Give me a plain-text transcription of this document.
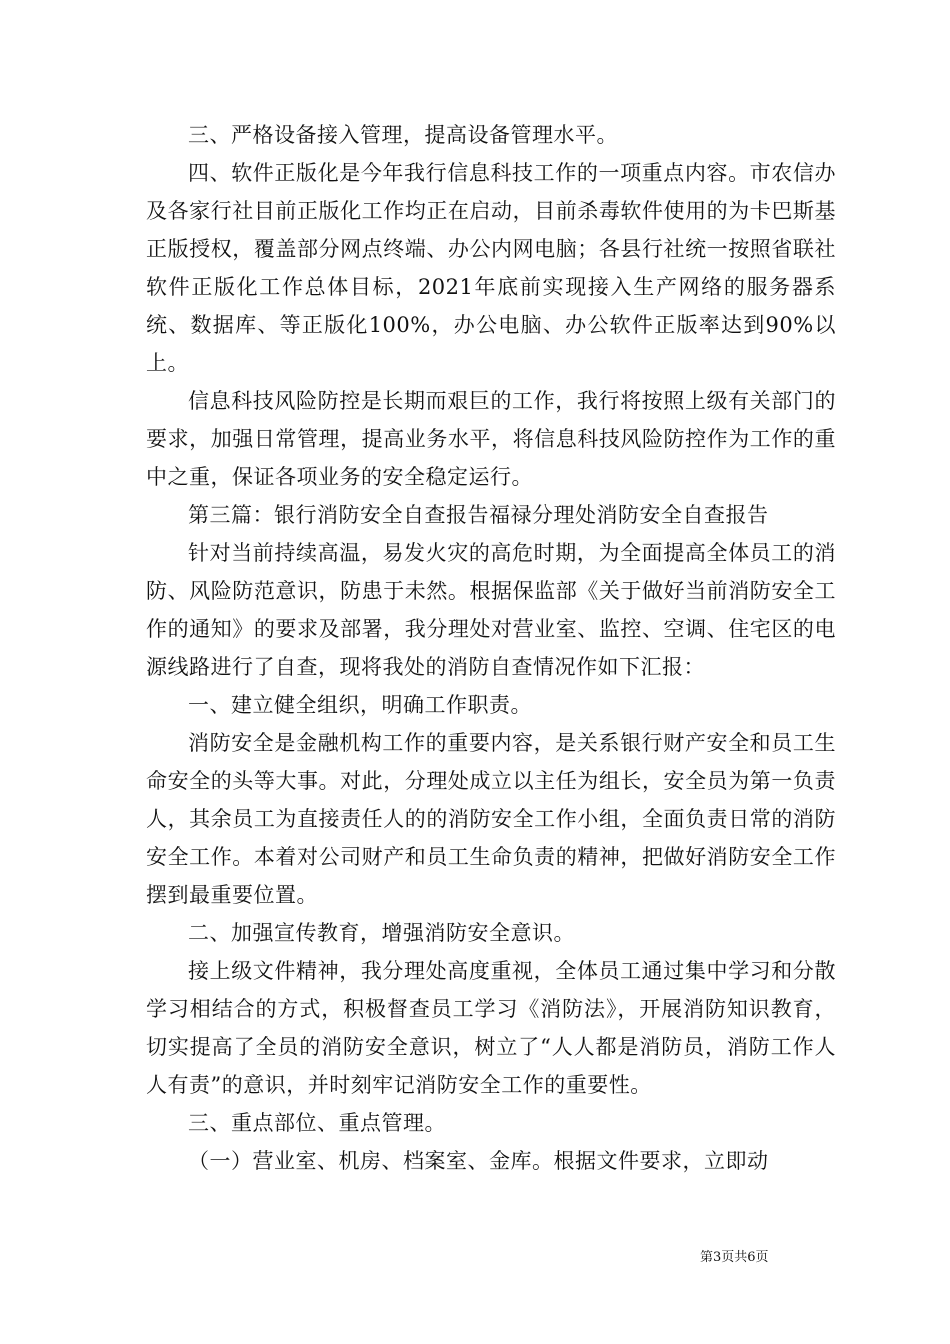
三、严格设备接入管理，提高设备管理水平。

四、软件正版化是今年我行信息科技工作的一项重点内容。市农信办及各家行社目前正版化工作均正在启动，目前杀毒软件使用的为卡巴斯基正版授权，覆盖部分网点终端、办公内网电脑；各县行社统一按照省联社软件正版化工作总体目标，2021年底前实现接入生产网络的服务器系统、数据库、等正版化100%，办公电脑、办公软件正版率达到90%以上。

信息科技风险防控是长期而艰巨的工作，我行将按照上级有关部门的要求，加强日常管理，提高业务水平，将信息科技风险防控作为工作的重中之重，保证各项业务的安全稳定运行。

第三篇：银行消防安全自查报告福禄分理处消防安全自查报告

针对当前持续高温，易发火灾的高危时期，为全面提高全体员工的消防、风险防范意识，防患于未然。根据保监部《关于做好当前消防安全工作的通知》的要求及部署，我分理处对营业室、监控、空调、住宅区的电源线路进行了自查，现将我处的消防自查情况作如下汇报：

一、建立健全组织，明确工作职责。

消防安全是金融机构工作的重要内容，是关系银行财产安全和员工生命安全的头等大事。对此，分理处成立以主任为组长，安全员为第一负责人，其余员工为直接责任人的的消防安全工作小组，全面负责日常的消防安全工作。本着对公司财产和员工生命负责的精神，把做好消防安全工作摆到最重要位置。

二、加强宣传教育，增强消防安全意识。

接上级文件精神，我分理处高度重视，全体员工通过集中学习和分散学习相结合的方式，积极督查员工学习《消防法》，开展消防知识教育，切实提高了全员的消防安全意识，树立了“人人都是消防员，消防工作人人有责”的意识，并时刻牢记消防安全工作的重要性。

三、重点部位、重点管理。

（一）营业室、机房、档案室、金库。根据文件要求，立即动

第3页共6页
